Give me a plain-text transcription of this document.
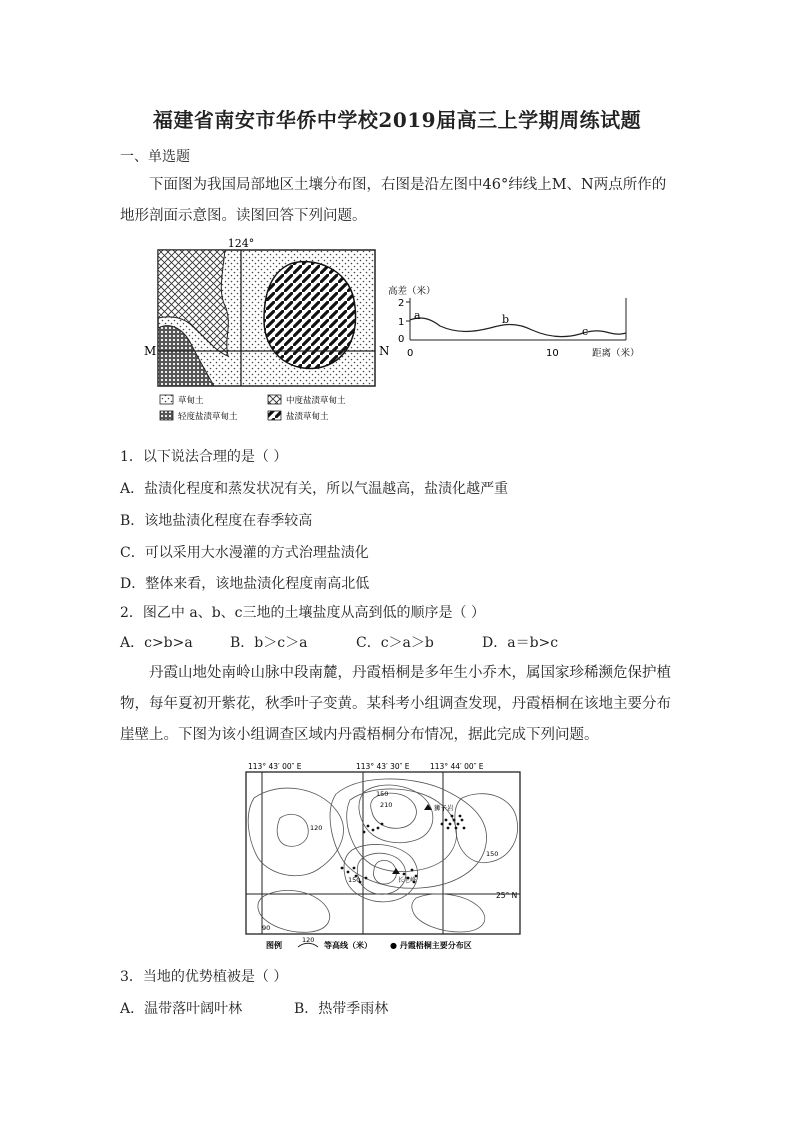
福建省南安市华侨中学校2019届高三上学期周练试题
一、单选题
下面图为我国局部地区土壤分布图，右图是沿左图中46°纬线上M、N两点所作的地形剖面示意图。读图回答下列问题。
124°
M	N
草甸土	中度盐渍草甸土
轻度盐渍草甸土	盐渍草甸土
高差（米）
2
1
0
a	b
c
0	10	距离（米）
1．以下说法合理的是（ ）
A．盐渍化程度和蒸发状况有关，所以气温越高，盐渍化越严重
B．该地盐渍化程度在春季较高
C．可以采用大水漫灌的方式治理盐渍化
D．整体来看，该地盐渍化程度南高北低
2．图乙中 a、b、c三地的土壤盐度从高到低的顺序是（ ）
A．c>b>a	B．b＞c＞a	C．c＞a＞b	D．a＝b>c
丹霞山地处南岭山脉中段南麓，丹霞梧桐是多年生小乔木，属国家珍稀濒危保护植物，每年夏初开紫花，秋季叶子变黄。某科考小组调查发现，丹霞梧桐在该地主要分布崖壁上。下图为该小组调查区域内丹霞梧桐分布情况，据此完成下列问题。
113° 43′ 00″ E	113° 43′ 30″ E	113° 44′ 00″ E
150
210
120
150
150
90
狮子岩
长老峰
25° N
图例
120
等高线（米） ● 丹霞梧桐主要分布区
3．当地的优势植被是（ ）
A．温带落叶阔叶林	B．热带季雨林
